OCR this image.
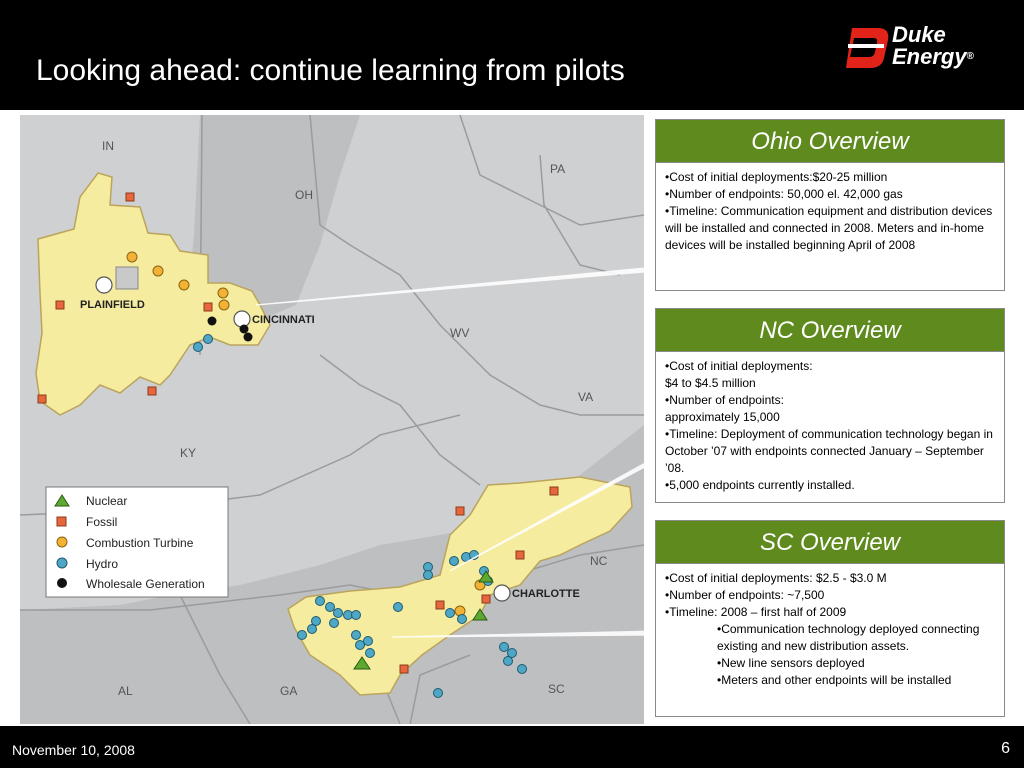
Looking ahead: continue learning from pilots
Duke
Energy®
IN
OH
PA
WV
VA
KY
NC
AL	GA	SC
PLAINFIELD
CINCINNATI
CHARLOTTE
Nuclear
Fossil
Combustion Turbine
Hydro
Wholesale Generation
Ohio Overview

•Cost of initial deployments:$20-25 million

•Number of endpoints: 50,000 el. 42,000 gas

•Timeline: Communication equipment and distribution devices will be installed and connected in 2008. Meters and in-home devices will be installed beginning April of 2008

NC Overview

•Cost of initial deployments:

$4 to $4.5 million

•Number of endpoints:

approximately 15,000

•Timeline: Deployment of communication technology began in October ’07 with endpoints connected January – September ’08.

•5,000 endpoints currently installed.

SC Overview

•Cost of initial deployments: $2.5 - $3.0 M

•Number of endpoints: ~7,500

•Timeline: 2008 – first half of 2009

•Communication technology deployed connecting existing and new distribution assets.

•New line sensors deployed

•Meters and other endpoints will be installed

November 10, 2008	6
